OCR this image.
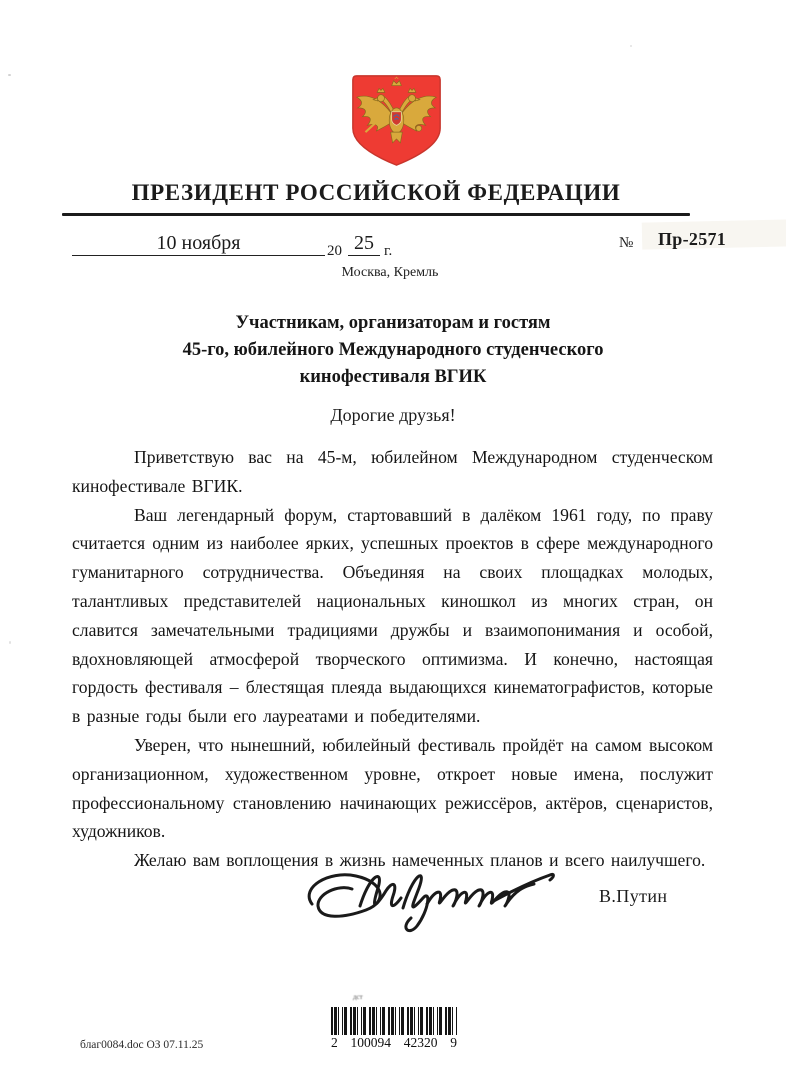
ПРЕЗИДЕНТ РОССИЙСКОЙ ФЕДЕРАЦИИ
10 ноября	20 25 г.	№ Пр-2571
Москва, Кремль
Участникам, организаторам и гостям
45-го, юбилейного Международного студенческого
кинофестиваля ВГИК
Дорогие друзья!

Приветствую вас на 45-м, юбилейном Международном студенческом кинофестивале ВГИК.

Ваш легендарный форум, стартовавший в далёком 1961 году, по праву считается одним из наиболее ярких, успешных проектов в сфере международного гуманитарного сотрудничества. Объединяя на своих площадках молодых, талантливых представителей национальных киношкол из многих стран, он славится замечательными традициями дружбы и взаимопонимания и особой, вдохновляющей атмосферой творческого оптимизма. И конечно, настоящая гордость фестиваля – блестящая плеяда выдающихся кинематографистов, которые в разные годы были его лауреатами и победителями.

Уверен, что нынешний, юбилейный фестиваль пройдёт на самом высоком организационном, художественном уровне, откроет новые имена, послужит профессиональному становлению начинающих режиссёров, актёров, сценаристов, художников.

Желаю вам воплощения в жизнь намеченных планов и всего наилучшего.

В.Путин
дст
2 100094 42320 9
благ0084.doc ОЗ 07.11.25
